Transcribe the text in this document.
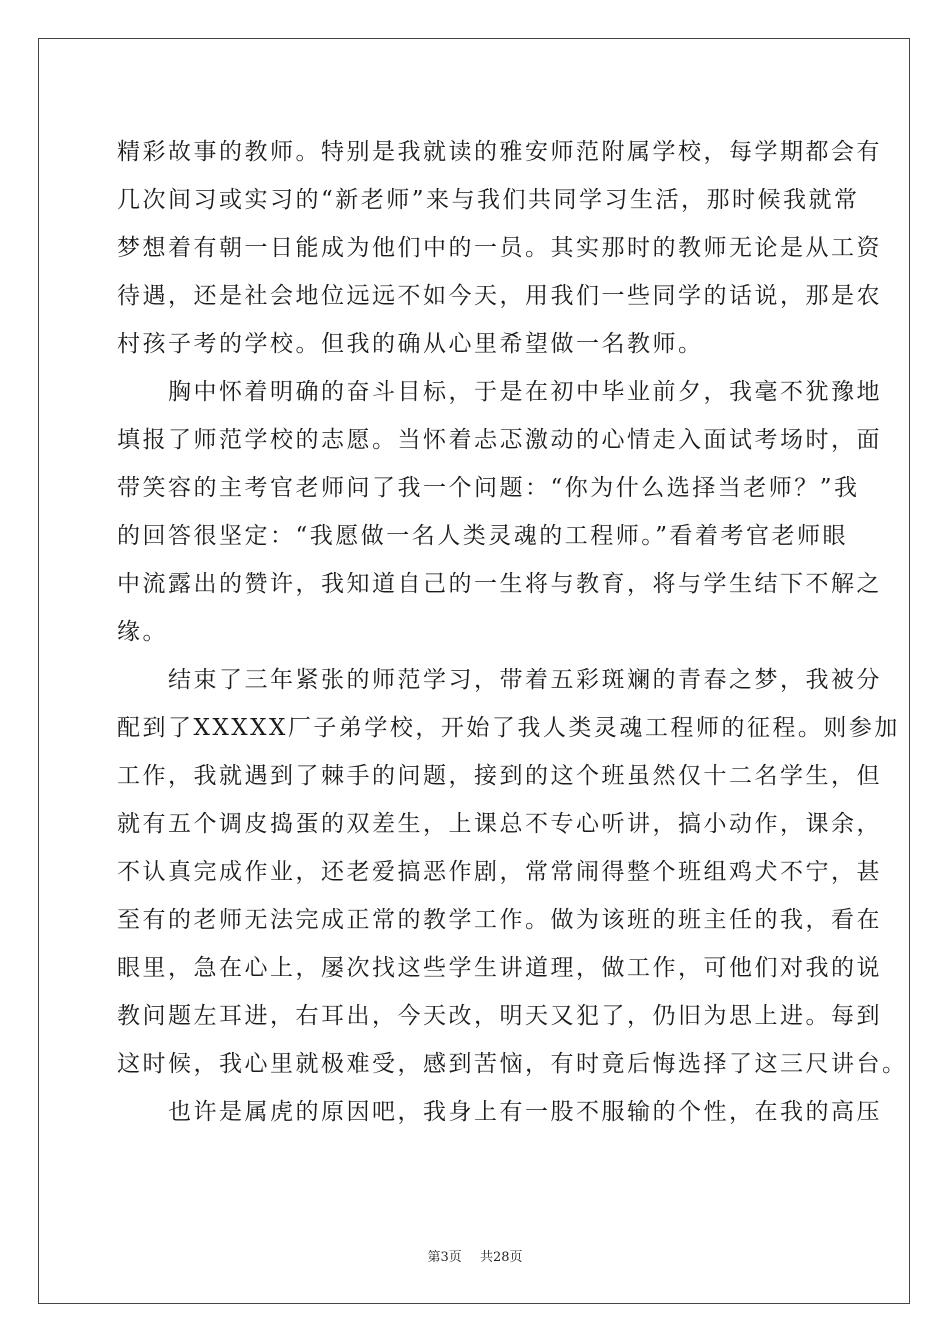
精彩故事的教师。特别是我就读的雅安师范附属学校，每学期都会有
几次间习或实习的“新老师”来与我们共同学习生活，那时候我就常
梦想着有朝一日能成为他们中的一员。其实那时的教师无论是从工资
待遇，还是社会地位远远不如今天，用我们一些同学的话说，那是农
村孩子考的学校。但我的确从心里希望做一名教师。

　　胸中怀着明确的奋斗目标，于是在初中毕业前夕，我毫不犹豫地
填报了师范学校的志愿。当怀着忐忑激动的心情走入面试考场时，面
带笑容的主考官老师问了我一个问题：“你为什么选择当老师？”我
的回答很坚定：“我愿做一名人类灵魂的工程师。”看着考官老师眼
中流露出的赞许，我知道自己的一生将与教育，将与学生结下不解之
缘。

　　结束了三年紧张的师范学习，带着五彩斑斓的青春之梦，我被分
配到了XXXXX厂子弟学校，开始了我人类灵魂工程师的征程。则参加
工作，我就遇到了棘手的问题，接到的这个班虽然仅十二名学生，但
就有五个调皮捣蛋的双差生，上课总不专心听讲，搞小动作，课余，
不认真完成作业，还老爱搞恶作剧，常常闹得整个班组鸡犬不宁，甚
至有的老师无法完成正常的教学工作。做为该班的班主任的我，看在
眼里，急在心上，屡次找这些学生讲道理，做工作，可他们对我的说
教问题左耳进，右耳出，今天改，明天又犯了，仍旧为思上进。每到
这时候，我心里就极难受，感到苦恼，有时竟后悔选择了这三尺讲台。

　　也许是属虎的原因吧，我身上有一股不服输的个性，在我的高压

第3页 共28页
